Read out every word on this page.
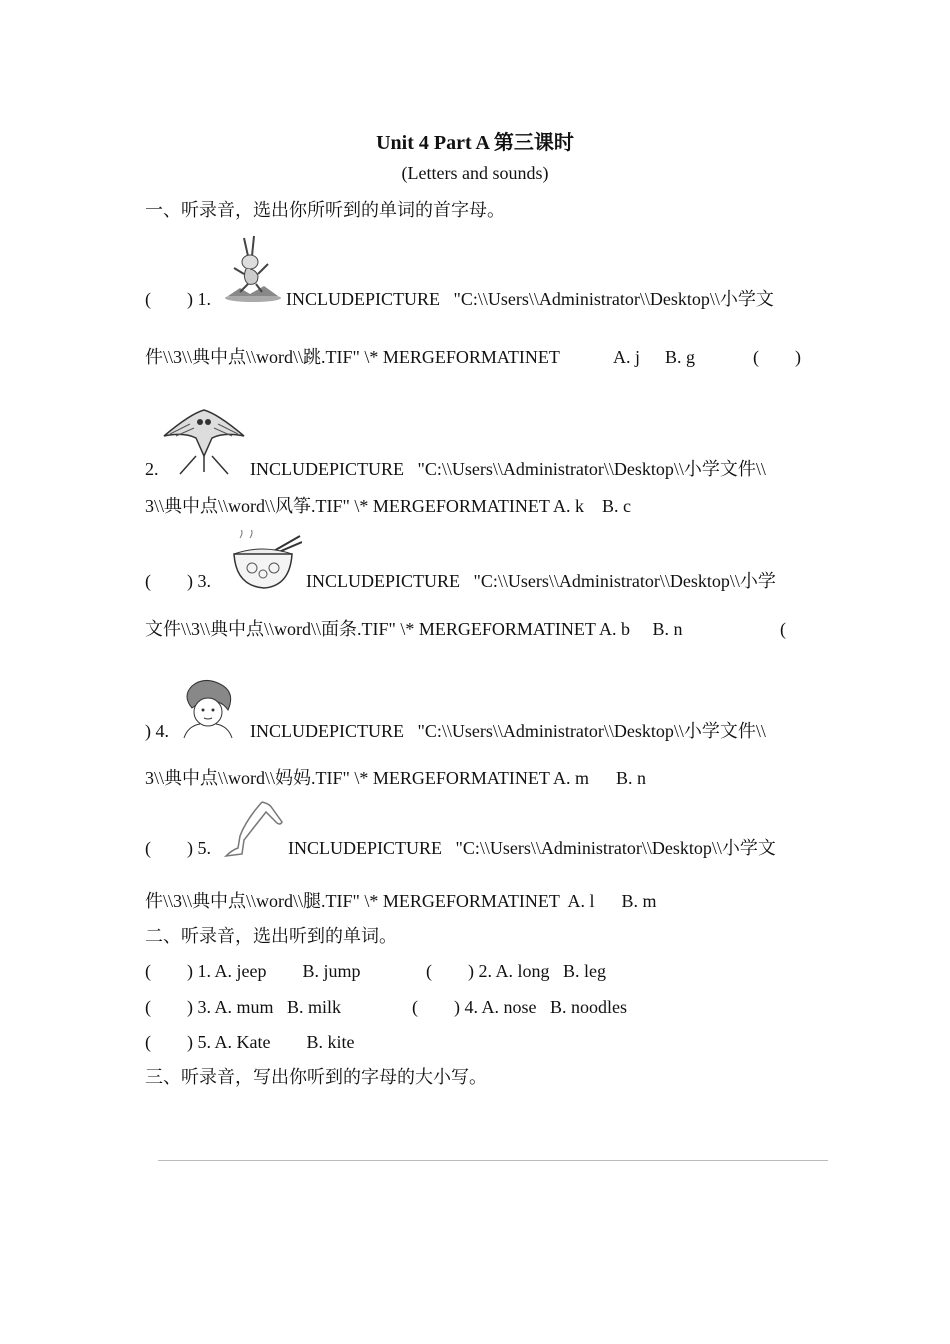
Unit 4 Part A 第三课时
(Letters and sounds)
一、听录音，选出你所听到的单词的首字母。
(        ) 1.	INCLUDEPICTURE   "C:\\Users\\Administrator\\Desktop\\小学文
件\\3\\典中点\\word\\跳.TIF" \* MERGEFORMATINET	A. j B. g	(        )
2.	INCLUDEPICTURE   "C:\\Users\\Administrator\\Desktop\\小学文件\\
3\\典中点\\word\\风筝.TIF" \* MERGEFORMATINET A. k    B. c
(        ) 3.	INCLUDEPICTURE   "C:\\Users\\Administrator\\Desktop\\小学
文件\\3\\典中点\\word\\面条.TIF" \* MERGEFORMATINET A. b     B. n	(
) 4.	INCLUDEPICTURE   "C:\\Users\\Administrator\\Desktop\\小学文件\\
3\\典中点\\word\\妈妈.TIF" \* MERGEFORMATINET A. m      B. n
(        ) 5.	INCLUDEPICTURE   "C:\\Users\\Administrator\\Desktop\\小学文
件\\3\\典中点\\word\\腿.TIF" \* MERGEFORMATINET  A. l      B. m
二、听录音，选出听到的单词。
(        ) 1. A. jeep        B. jump	(        ) 2. A. long   B. leg
(        ) 3. A. mum   B. milk	(        ) 4. A. nose   B. noodles
(        ) 5. A. Kate        B. kite
三、听录音，写出你听到的字母的大小写。
